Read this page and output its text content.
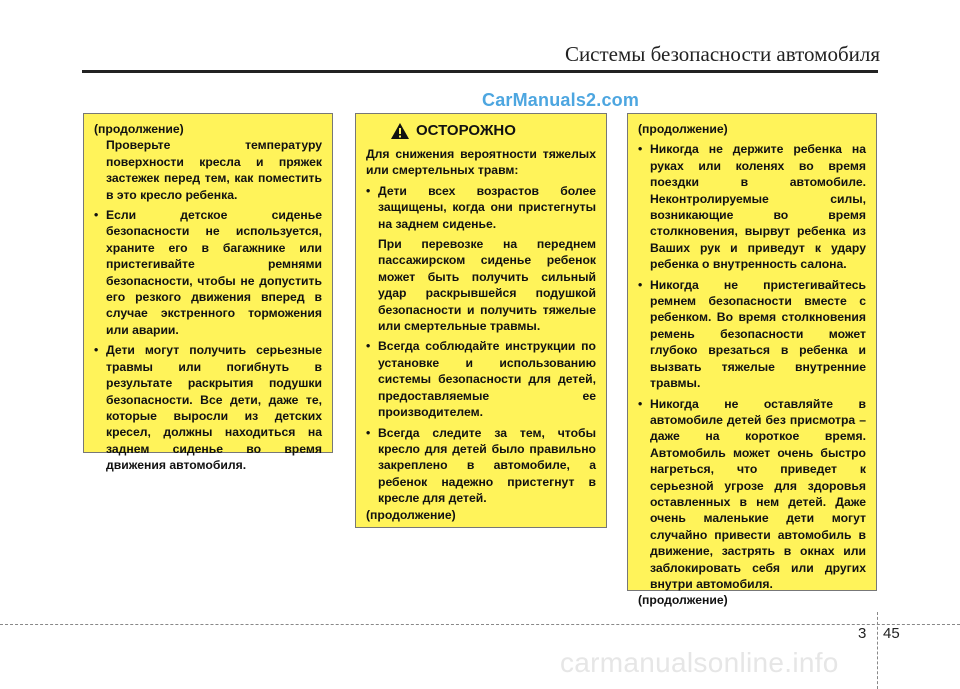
Системы безопасности автомобиля
CarManuals2.com

(продолжение)

Проверьте температуру поверхности кресла и пряжек застежек перед тем, как поместить в это кресло ребенка.

• Если детское сиденье безопасности не используется, храните его в багажнике или пристегивайте ремнями безопасности, чтобы не допустить его резкого движения вперед в случае экстренного торможения или аварии.
• Дети могут получить серьезные травмы или погибнуть в результате раскрытия подушки безопасности. Все дети, даже те, которые выросли из детских кресел, должны находиться на заднем сиденье во время движения автомобиля.
ОСТОРОЖНО

Для снижения вероятности тяжелых или смертельных травм:

• Дети всех возрастов более защищены, когда они пристегнуты на заднем сиденье.
При перевозке на переднем пассажирском сиденье ребенок может быть получить сильный удар раскрывшейся подушкой безопасности и получить тяжелые или смертельные травмы.
• Всегда соблюдайте инструкции по установке и использованию системы безопасности для детей, предоставляемые ее производителем.
• Всегда следите за тем, чтобы кресло для детей было правильно закреплено в автомобиле, а ребенок надежно пристегнут в кресле для детей.
(продолжение)

(продолжение)

• Никогда не держите ребенка на руках или коленях во время поездки в автомобиле. Неконтролируемые силы, возникающие во время столкновения, вырвут ребенка из Ваших рук и приведут к удару ребенка о внутренность салона.
• Никогда не пристегивайтесь ремнем безопасности вместе с ребенком. Во время столкновения ремень безопасности может глубоко врезаться в ребенка и вызвать тяжелые внутренние травмы.
• Никогда не оставляйте в автомобиле детей без присмотра – даже на короткое время. Автомобиль может очень быстро нагреться, что приведет к серьезной угрозе для здоровья оставленных в нем детей. Даже очень маленькие дети могут случайно привести автомобиль в движение, застрять в окнах или заблокировать себя или других внутри автомобиля.
(продолжение)
3 45
carmanualsonline.info
